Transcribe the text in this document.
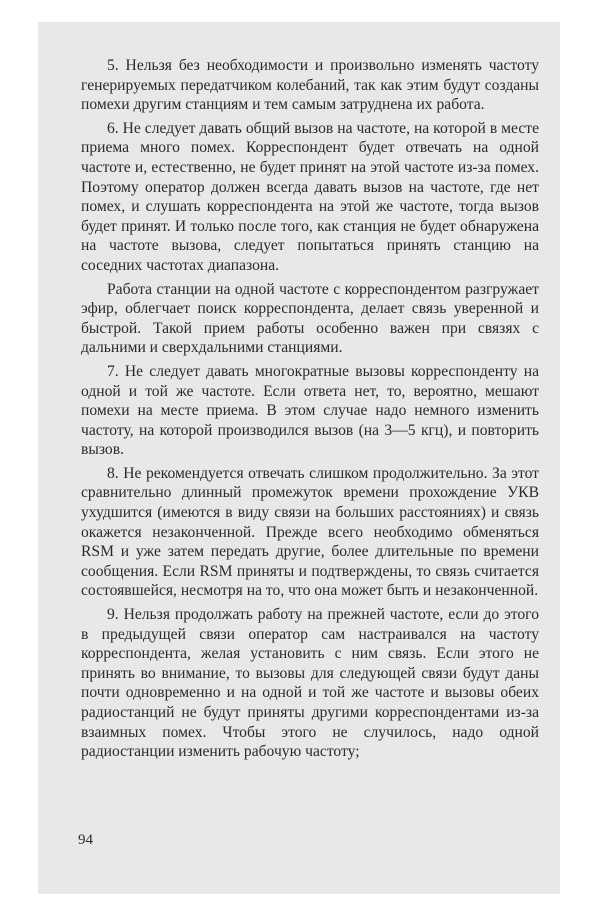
5. Нельзя без необходимости и произвольно изменять частоту генерируемых передатчиком колебаний, так как этим будут созданы помехи другим станциям и тем самым затруднена их работа.

6. Не следует давать общий вызов на частоте, на которой в месте приема много помех. Корреспондент будет отвечать на одной частоте и, естественно, не будет принят на этой частоте из-за помех. Поэтому оператор должен всегда давать вызов на частоте, где нет помех, и слушать корреспондента на этой же частоте, тогда вызов будет принят. И только после того, как станция не будет обнаружена на частоте вызова, следует попытаться принять станцию на соседних частотах диапазона.

Работа станции на одной частоте с корреспондентом разгружает эфир, облегчает поиск корреспондента, делает связь уверенной и быстрой. Такой прием работы особенно важен при связях с дальними и сверхдальними станциями.

7. Не следует давать многократные вызовы корреспонденту на одной и той же частоте. Если ответа нет, то, вероятно, мешают помехи на месте приема. В этом случае надо немного изменить частоту, на которой производился вызов (на 3—5 кгц), и повторить вызов.

8. Не рекомендуется отвечать слишком продолжительно. За этот сравнительно длинный промежуток времени прохождение УКВ ухудшится (имеются в виду связи на больших расстояниях) и связь окажется незаконченной. Прежде всего необходимо обменяться RSM и уже затем передать другие, более длительные по времени сообщения. Если RSM приняты и подтверждены, то связь считается состоявшейся, несмотря на то, что она может быть и незаконченной.

9. Нельзя продолжать работу на прежней частоте, если до этого в предыдущей связи оператор сам настраивался на частоту корреспондента, желая установить с ним связь. Если этого не принять во внимание, то вызовы для следующей связи будут даны почти одновременно и на одной и той же частоте и вызовы обеих радиостанций не будут приняты другими корреспондентами из-за взаимных помех. Чтобы этого не случилось, надо одной радиостанции изменить рабочую частоту;

94
